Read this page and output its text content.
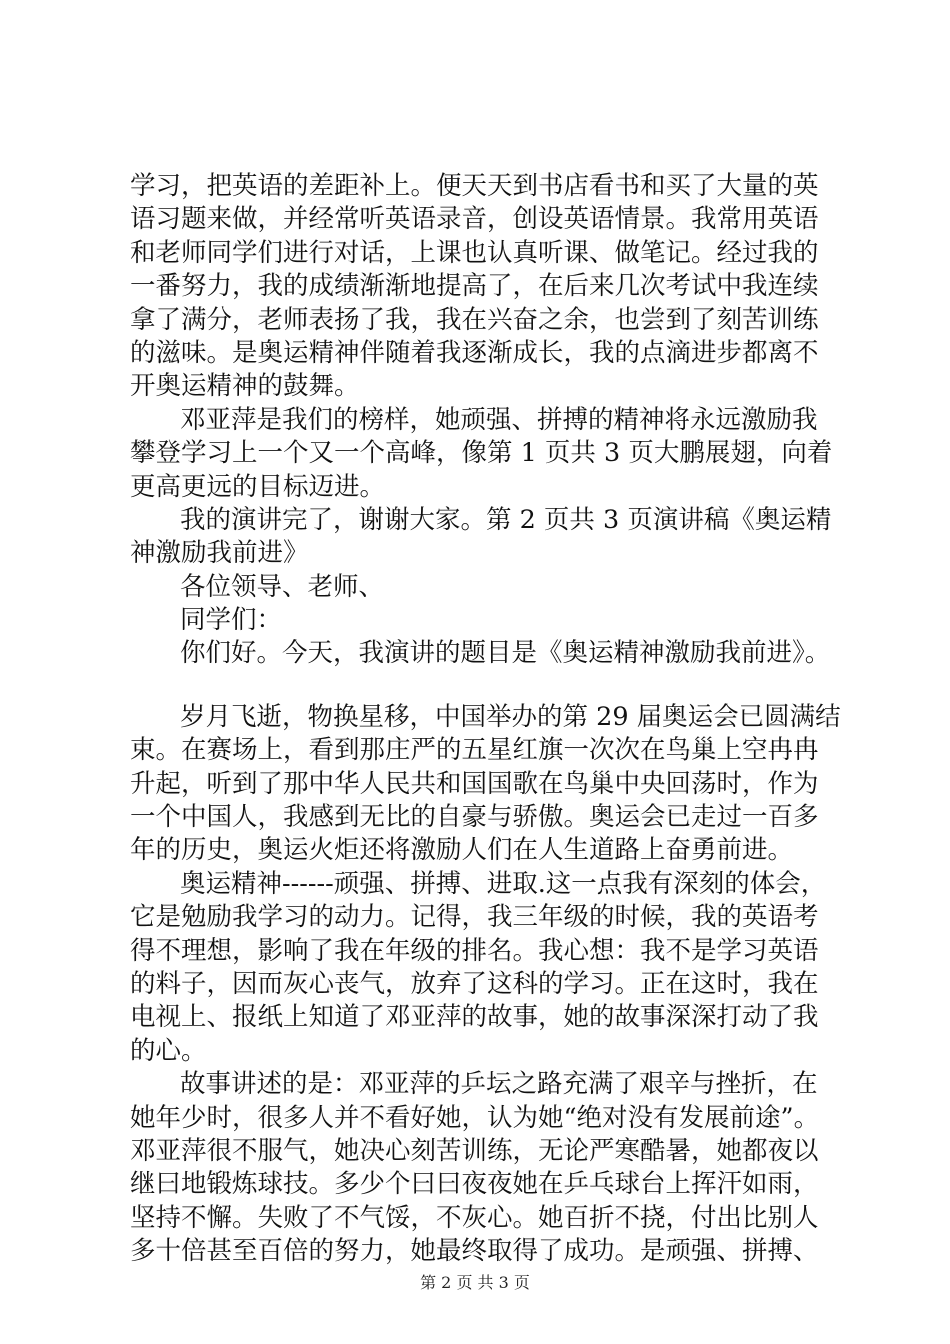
学习，把英语的差距补上。便天天到书店看书和买了大量的英
语习题来做，并经常听英语录音，创设英语情景。我常用英语
和老师同学们进行对话，上课也认真听课、做笔记。经过我的
一番努力，我的成绩渐渐地提高了，在后来几次考试中我连续
拿了满分，老师表扬了我，我在兴奋之余，也尝到了刻苦训练
的滋味。是奥运精神伴随着我逐渐成长，我的点滴进步都离不
开奥运精神的鼓舞。
邓亚萍是我们的榜样，她顽强、拼搏的精神将永远激励我
攀登学习上一个又一个高峰，像第 1 页共 3 页大鹏展翅，向着
更高更远的目标迈进。
我的演讲完了，谢谢大家。第 2 页共 3 页演讲稿《奥运精
神激励我前进》
各位领导、老师、
同学们：
你们好。今天，我演讲的题目是《奥运精神激励我前进》。
岁月飞逝，物换星移，中国举办的第 29 届奥运会已圆满结
束。在赛场上，看到那庄严的五星红旗一次次在鸟巢上空冉冉
升起，听到了那中华人民共和国国歌在鸟巢中央回荡时，作为
一个中国人，我感到无比的自豪与骄傲。奥运会已走过一百多
年的历史，奥运火炬还将激励人们在人生道路上奋勇前进。
奥运精神------顽强、拼搏、进取.这一点我有深刻的体会，
它是勉励我学习的动力。记得，我三年级的时候，我的英语考
得不理想，影响了我在年级的排名。我心想：我不是学习英语
的料子，因而灰心丧气，放弃了这科的学习。正在这时，我在
电视上、报纸上知道了邓亚萍的故事，她的故事深深打动了我
的心。
故事讲述的是：邓亚萍的乒坛之路充满了艰辛与挫折，在
她年少时，很多人并不看好她，认为她“绝对没有发展前途”。
邓亚萍很不服气，她决心刻苦训练，无论严寒酷暑，她都夜以
继曰地锻炼球技。多少个曰曰夜夜她在乒乓球台上挥汗如雨，
坚持不懈。失败了不气馁，不灰心。她百折不挠，付出比别人
多十倍甚至百倍的努力，她最终取得了成功。是顽强、拼搏、
第 2 页 共 3 页
